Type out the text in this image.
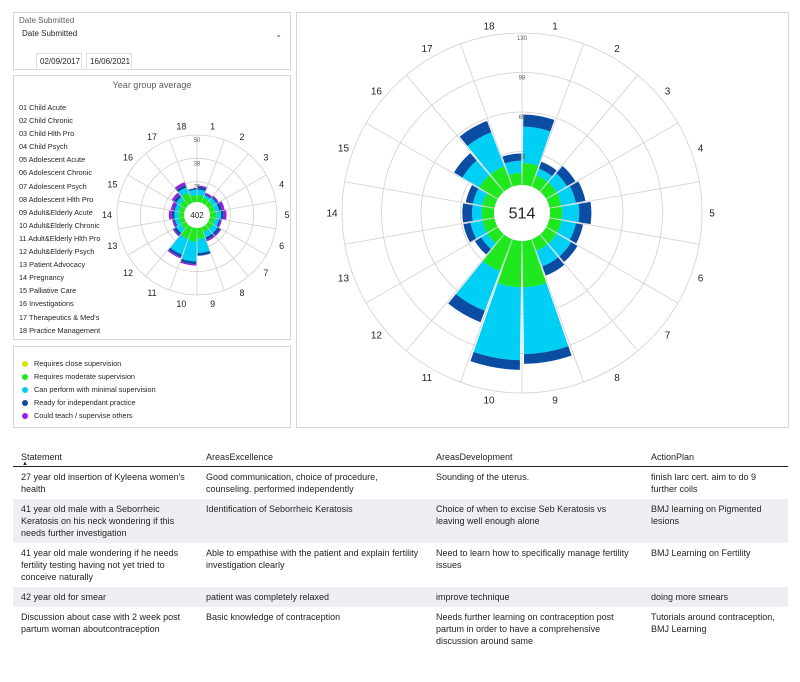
Date Submitted
Date Submitted	⌄
02/09/2017	16/06/2021
Year group average
01 Child Acute
02 Child Chronic
03 Child Hlth Pro
04 Child Psych
05 Adolescent Acute
06 Adolescent Chronic
07 Adolescent Psych
08 Adolescent Hlth Pro
09 Adult&Elderly Acute
10 Adult&Elderly Chronic
11 Adult&Elderly Hlth Pro
12 Adult&Elderly Psych
13 Patient Advocacy
14 Pregnancy
15 Palliative Care
16 Investigations
17 Therapeutics & Med's
18 Practice Management
1
2
3
4
5
6
7
8
9
10
11
12
13
14
15
16
17
18
50
38
25
402
Requires close supervision
Requires moderate supervision
Can perform with minimal supervision
Ready for independant practice
Could teach / supervise others
1
2
3
4
5
6
7
8
9
10
11
12
13
14
15
16
17
18
130
98
65
33
514
Statement
▲	AreasExcellence	AreasDevelopment	ActionPlan
27 year old insertion of Kyleena women's health	Good communication, choice of procedure, counseling. performed independently	Sounding of the uterus.	finish larc cert. aim to do 9 further coils
41 year old male with a Seborrheic Keratosis on his neck wondering if this needs further investigation	Identification of Seborrheic Keratosis	Choice of when to excise Seb Keratosis vs leaving well enough alone	BMJ learning on Pigmented lesions
41 year old male wondering if he needs fertility testing having not yet tried to conceive naturally	Able to empathise with the patient and explain fertility investigation clearly	Need to learn how to specifically manage fertility issues	BMJ Learning on Fertility
42 year old for smear	patient was completely relaxed	improve technique	doing more smears
Discussion about case with 2 week post partum woman aboutcontraception	Basic knowledge of contraception	Needs further learning on contraception post partum in order to have a comprehensive discussion around same	Tutorials around contraception, BMJ Learning
